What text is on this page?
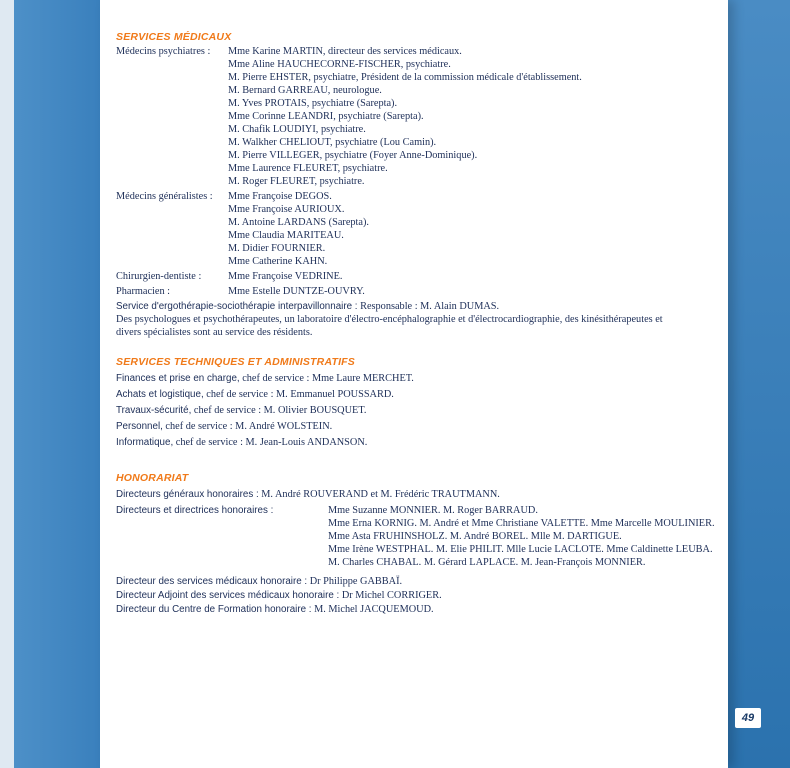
SERVICES MÉDICAUX
Médecins psychiatres : Mme Karine MARTIN, directeur des services médicaux.
Mme Aline HAUCHECORNE-FISCHER, psychiatre.
M. Pierre EHSTER, psychiatre, Président de la commission médicale d'établissement.
M. Bernard GARREAU, neurologue.
M. Yves PROTAIS, psychiatre (Sarepta).
Mme Corinne LEANDRI, psychiatre (Sarepta).
M. Chafik LOUDIYI, psychiatre.
M. Walkher CHELIOUT, psychiatre (Lou Camin).
M. Pierre VILLEGER, psychiatre (Foyer Anne-Dominique).
Mme Laurence FLEURET, psychiatre.
M. Roger FLEURET, psychiatre.
Médecins généralistes : Mme Françoise DEGOS.
Mme Françoise AURIOUX.
M. Antoine LARDANS (Sarepta).
Mme Claudia MARITEAU.
M. Didier FOURNIER.
Mme Catherine KAHN.
Chirurgien-dentiste :	Mme Françoise VEDRINE.
Pharmacien :	Mme Estelle DUNTZE-OUVRY.
Service d'ergothérapie-sociothérapie interpavillonnaire : Responsable : M. Alain DUMAS.
Des psychologues et psychothérapeutes, un laboratoire d'électro-encéphalographie et d'électrocardiographie, des kinésithérapeutes et
divers spécialistes sont au service des résidents.
SERVICES TECHNIQUES ET ADMINISTRATIFS
Finances et prise en charge, chef de service : Mme Laure MERCHET.
Achats et logistique, chef de service : M. Emmanuel POUSSARD.
Travaux-sécurité, chef de service : M. Olivier BOUSQUET.
Personnel, chef de service : M. André WOLSTEIN.
Informatique, chef de service : M. Jean-Louis ANDANSON.
HONORARIAT
Directeurs généraux honoraires : M. André ROUVERAND et M. Frédéric TRAUTMANN.
Directeurs et directrices honoraires :	Mme Suzanne MONNIER. M. Roger BARRAUD.
Mme Erna KORNIG. M. André et Mme Christiane VALETTE. Mme Marcelle MOULINIER.
Mme Asta FRUHINSHOLZ. M. André BOREL. Mlle M. DARTIGUE.
Mme Irène WESTPHAL. M. Elie PHILIT. Mlle Lucie LACLOTE. Mme Caldinette LEUBA.
M. Charles CHABAL. M. Gérard LAPLACE. M. Jean-François MONNIER.
Directeur des services médicaux honoraire : Dr Philippe GABBAÏ.
Directeur Adjoint des services médicaux honoraire : Dr Michel CORRIGER.
Directeur du Centre de Formation honoraire : M. Michel JACQUEMOUD.
49
